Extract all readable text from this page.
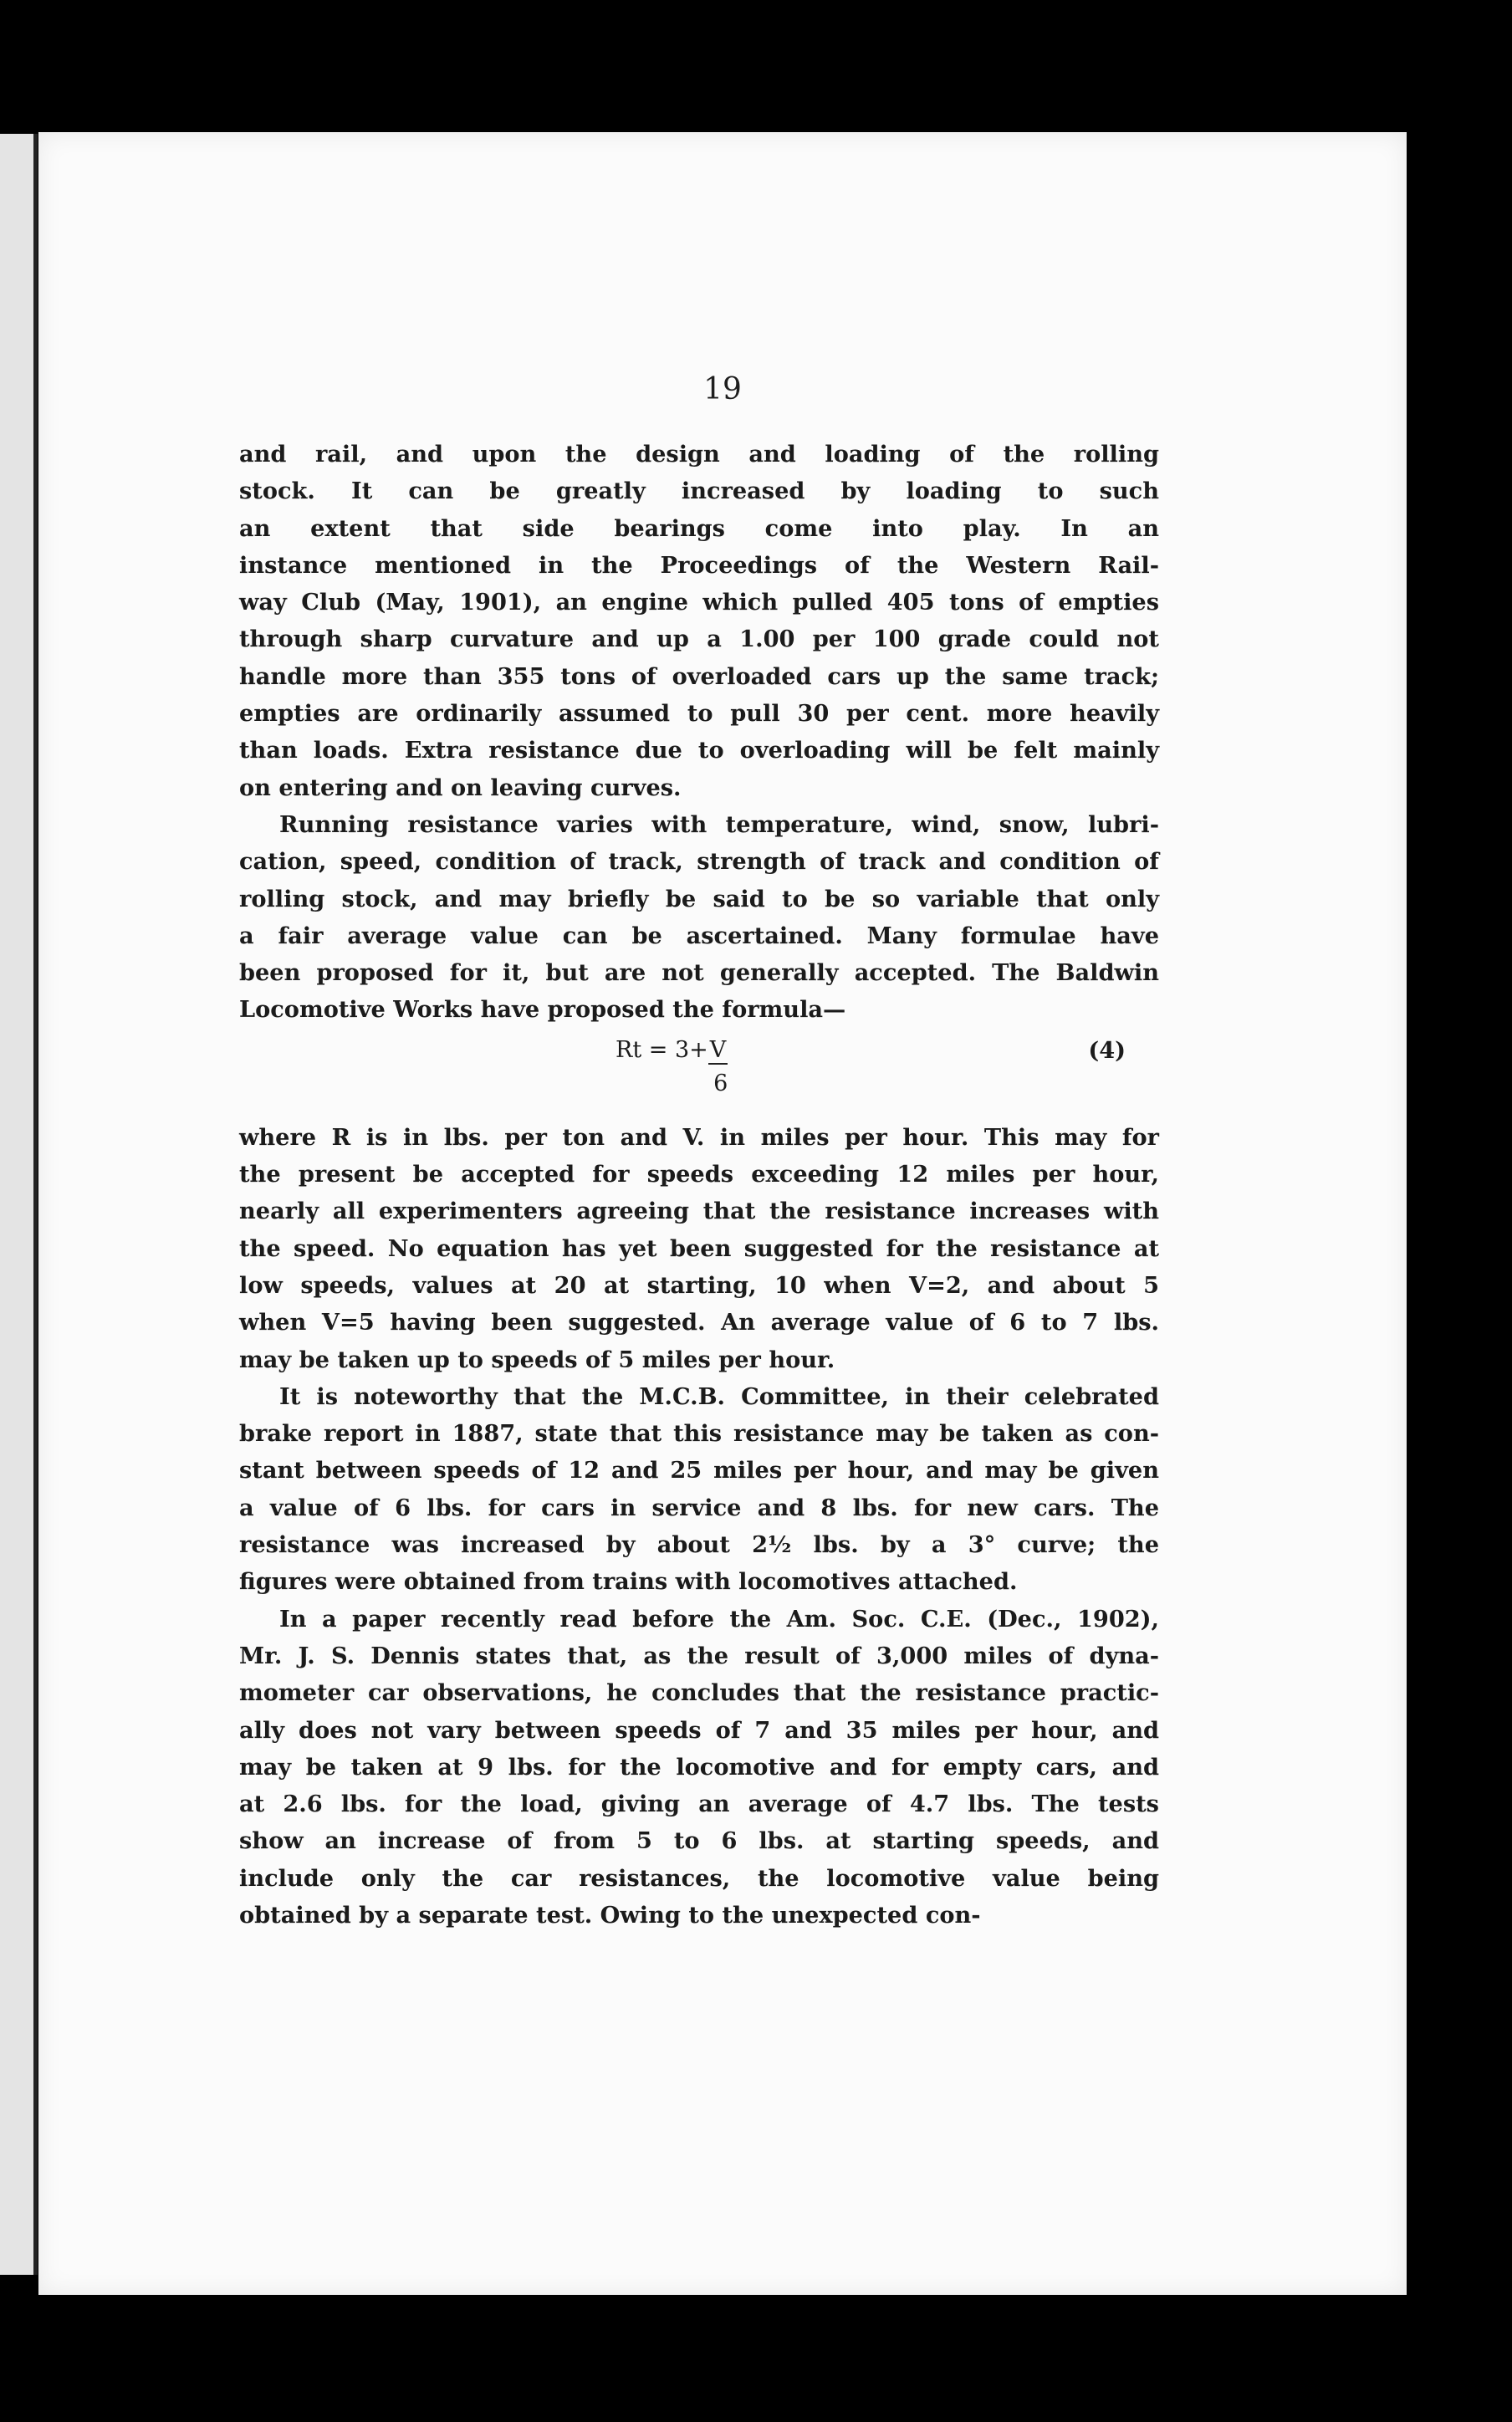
19
and rail, and upon the design and loading of the rolling
stock. It can be greatly increased by loading to such
an extent that side bearings come into play. In an
instance mentioned in the Proceedings of the Western Rail-
way Club (May, 1901), an engine which pulled 405 tons of empties
through sharp curvature and up a 1.00 per 100 grade could not
handle more than 355 tons of overloaded cars up the same track;
empties are ordinarily assumed to pull 30 per cent. more heavily
than loads. Extra resistance due to overloading will be felt mainly
on entering and on leaving curves.
Running resistance varies with temperature, wind, snow, lubri-
cation, speed, condition of track, strength of track and condition of
rolling stock, and may briefly be said to be so variable that only
a fair average value can be ascertained. Many formulae have
been proposed for it, but are not generally accepted. The Baldwin
Locomotive Works have proposed the formula—
$Rt = 3+\frac{V}{6}$	(4)
where R is in lbs. per ton and V. in miles per hour. This may for
the present be accepted for speeds exceeding 12 miles per hour,
nearly all experimenters agreeing that the resistance increases with
the speed. No equation has yet been suggested for the resistance at
low speeds, values at 20 at starting, 10 when V=2, and about 5
when V=5 having been suggested. An average value of 6 to 7 lbs.
may be taken up to speeds of 5 miles per hour.
It is noteworthy that the M.C.B. Committee, in their celebrated
brake report in 1887, state that this resistance may be taken as con-
stant between speeds of 12 and 25 miles per hour, and may be given
a value of 6 lbs. for cars in service and 8 lbs. for new cars. The
resistance was increased by about 2½ lbs. by a 3° curve; the
figures were obtained from trains with locomotives attached.
In a paper recently read before the Am. Soc. C.E. (Dec., 1902),
Mr. J. S. Dennis states that, as the result of 3,000 miles of dyna-
mometer car observations, he concludes that the resistance practic-
ally does not vary between speeds of 7 and 35 miles per hour, and
may be taken at 9 lbs. for the locomotive and for empty cars, and
at 2.6 lbs. for the load, giving an average of 4.7 lbs. The tests
show an increase of from 5 to 6 lbs. at starting speeds, and
include only the car resistances, the locomotive value being
obtained by a separate test. Owing to the unexpected con-
